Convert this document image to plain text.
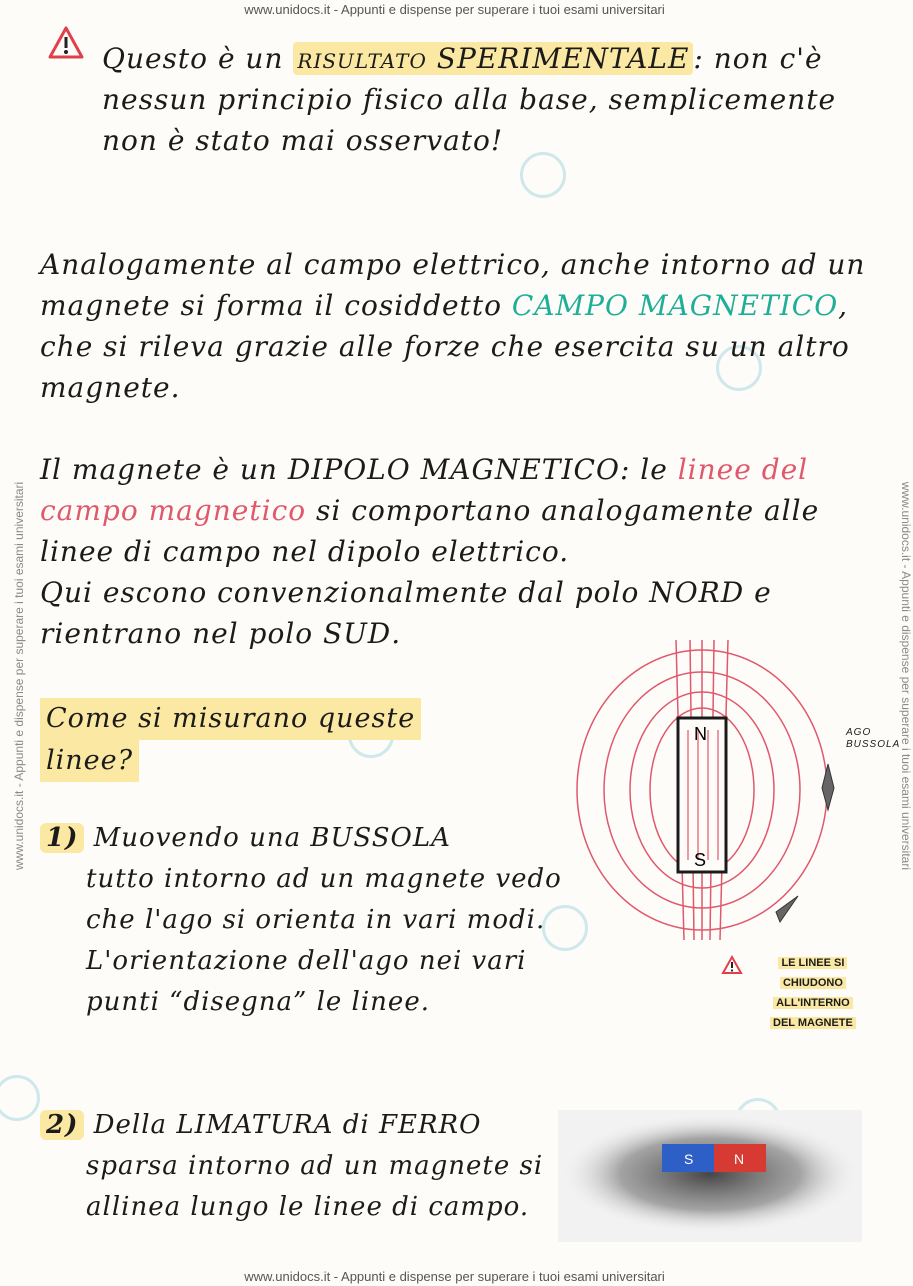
www.unidocs.it - Appunti e dispense per superare i tuoi esami universitari
www.unidocs.it - Appunti e dispense per superare i tuoi esami universitari
www.unidocs.it - Appunti e dispense per superare i tuoi esami universitari	www.unidocs.it - Appunti e dispense per superare i tuoi esami universitari
Questo è un risultato SPERIMENTALE : non c'è nessun principio fisico alla base, semplicemente non è stato mai osservato!
Analogamente al campo elettrico, anche intorno ad un magnete si forma il cosiddetto CAMPO MAGNETICO, che si rileva grazie alle forze che esercita su un altro magnete.
Il magnete è un DIPOLO MAGNETICO: le linee del campo magnetico si comportano analogamente alle linee di campo nel dipolo elettrico.
Qui escono convenzionalmente dal polo NORD e rientrano nel polo SUD.
Come si misurano queste
linee?
1) Muovendo una BUSSOLA
tutto intorno ad un magnete vedo che l'ago si orienta in vari modi. L'orientazione dell'ago nei vari punti “disegna” le linee.
2) Della LIMATURA di FERRO
sparsa intorno ad un magnete si allinea lungo le linee di campo.
N
S
AGO
BUSSOLA
LE LINEE SI
CHIUDONO
ALL'INTERNO
DEL MAGNETE
S	N
